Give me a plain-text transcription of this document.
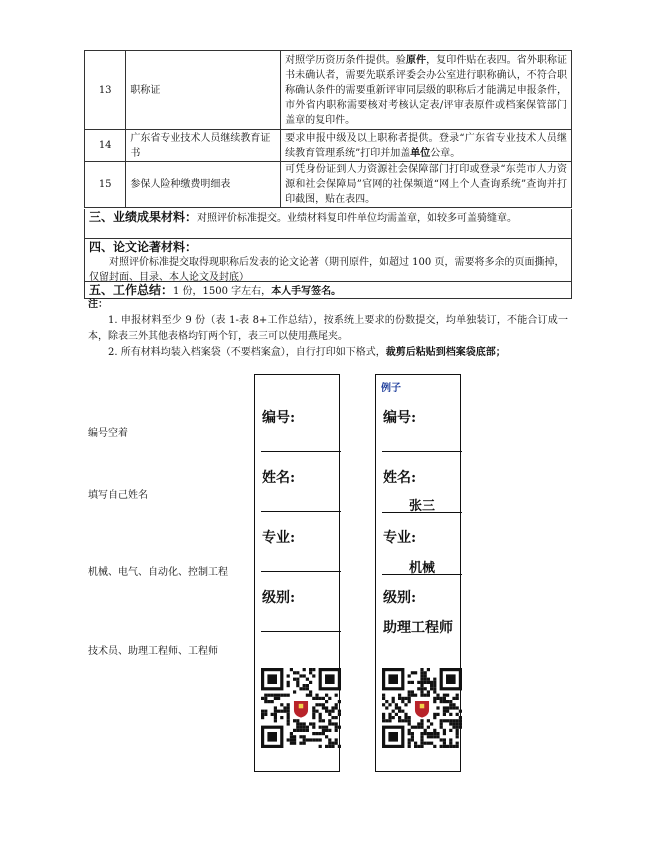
13	职称证	对照学历资历条件提供。验原件，复印件贴在表四。省外职称证书未确认者，需要先联系评委会办公室进行职称确认，不符合职称确认条件的需要重新评审同层级的职称后才能满足申报条件，市外省内职称需要核对考核认定表/评审表原件或档案保管部门盖章的复印件。
14	广东省专业技术人员继续教育证书	要求申报中级及以上职称者提供。登录“广东省专业技术人员继续教育管理系统”打印并加盖单位公章。
15	参保人险种缴费明细表	可凭身份证到人力资源社会保障部门打印或登录“东莞市人力资源和社会保障局”官网的社保频道“网上个人查询系统”查询并打印截图，贴在表四。
三、业绩成果材料：对照评价标准提交。业绩材料复印件单位均需盖章，如较多可盖骑缝章。
四、论文论著材料：
对照评价标准提交取得现职称后发表的论文论著（期刊原件，如超过 100 页，需要将多余的页面撕掉，仅留封面、目录、本人论文及封底）
五、工作总结：1 份，1500 字左右，本人手写签名。
注：
1. 申报材料至少 9 份（表 1-表 8+工作总结），按系统上要求的份数提交，均单独装订，不能合订成一本，除表三外其他表格均钉两个钉，表三可以使用燕尾夹。
2. 所有材料均装入档案袋（不要档案盒），自行打印如下格式，裁剪后粘贴到档案袋底部；
编号空着
填写自己姓名
机械、电气、自动化、控制工程
技术员、助理工程师、工程师
编号:
姓名:
专业:
级别:
例子
编号:
姓名:
张三
专业:
机械
级别:
助理工程师
